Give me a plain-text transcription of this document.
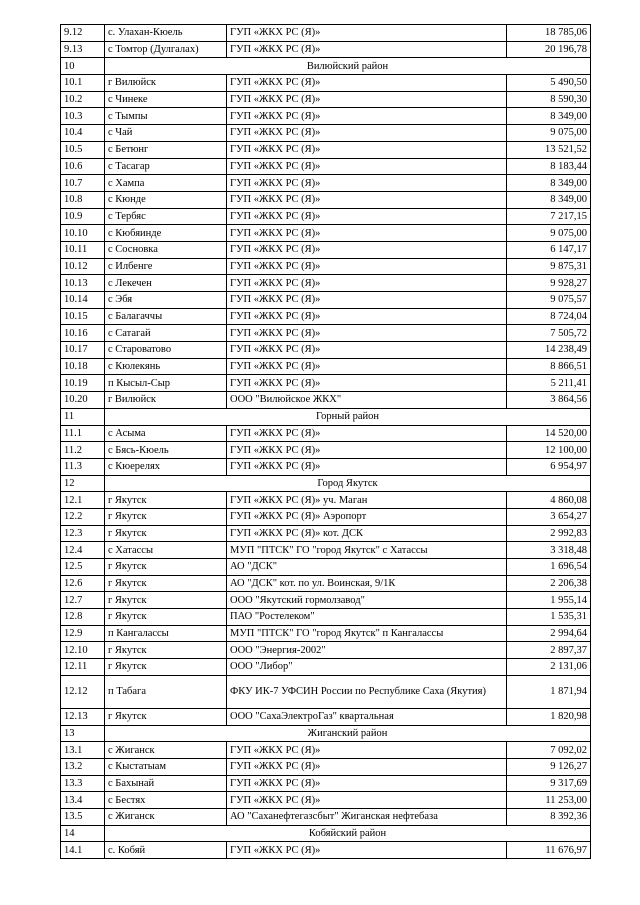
9.12	с. Улахан-Кюель	ГУП «ЖКХ РС (Я)»	18 785,06
9.13	с Томтор (Дулгалах)	ГУП «ЖКХ РС (Я)»	20 196,78
10	Вилюйский район		
10.1	г Вилюйск	ГУП «ЖКХ РС (Я)»	5 490,50
10.2	с Чинеке	ГУП «ЖКХ РС (Я)»	8 590,30
10.3	с Тымпы	ГУП «ЖКХ РС (Я)»	8 349,00
10.4	с Чай	ГУП «ЖКХ РС (Я)»	9 075,00
10.5	с Бетюнг	ГУП «ЖКХ РС (Я)»	13 521,52
10.6	с Тасагар	ГУП «ЖКХ РС (Я)»	8 183,44
10.7	с Хампа	ГУП «ЖКХ РС (Я)»	8 349,00
10.8	с Кюнде	ГУП «ЖКХ РС (Я)»	8 349,00
10.9	с Тербяс	ГУП «ЖКХ РС (Я)»	7 217,15
10.10	с Кюбяинде	ГУП «ЖКХ РС (Я)»	9 075,00
10.11	с Сосновка	ГУП «ЖКХ РС (Я)»	6 147,17
10.12	с Илбенге	ГУП «ЖКХ РС (Я)»	9 875,31
10.13	с Лекечен	ГУП «ЖКХ РС (Я)»	9 928,27
10.14	с Эбя	ГУП «ЖКХ РС (Я)»	9 075,57
10.15	с Балагаччы	ГУП «ЖКХ РС (Я)»	8 724,04
10.16	с Сатагай	ГУП «ЖКХ РС (Я)»	7 505,72
10.17	с Староватово	ГУП «ЖКХ РС (Я)»	14 238,49
10.18	с Кюлекянь	ГУП «ЖКХ РС (Я)»	8 866,51
10.19	п Кысыл-Сыр	ГУП «ЖКХ РС (Я)»	5 211,41
10.20	г Вилюйск	ООО "Вилюйское ЖКХ"	3 864,56
11	Горный район		
11.1	с Асыма	ГУП «ЖКХ РС (Я)»	14 520,00
11.2	с Бясь-Кюель	ГУП «ЖКХ РС (Я)»	12 100,00
11.3	с Кюерелях	ГУП «ЖКХ РС (Я)»	6 954,97
12	Город Якутск		
12.1	г Якутск	ГУП «ЖКХ РС (Я)» уч. Маган	4 860,08
12.2	г Якутск	ГУП «ЖКХ РС (Я)» Аэропорт	3 654,27
12.3	г Якутск	ГУП «ЖКХ РС (Я)» кот. ДСК	2 992,83
12.4	с Хатассы	МУП "ПТСК" ГО "город Якутск" с Хатассы	3 318,48
12.5	г Якутск	АО "ДСК"	1 696,54
12.6	г Якутск	АО "ДСК" кот. по ул. Воинская, 9/1К	2 206,38
12.7	г Якутск	ООО "Якутский гормолзавод"	1 955,14
12.8	г Якутск	ПАО "Ростелеком"	1 535,31
12.9	п Кангаласcы	МУП "ПТСК" ГО "город Якутск" п Кангаласcы	2 994,64
12.10	г Якутск	ООО "Энергия-2002"	2 897,37
12.11	г Якутск	ООО "Либор"	2 131,06
12.12	п Табага	ФКУ ИК-7 УФСИН России по Республике Саха (Якутия)	1 871,94
12.13	г Якутск	ООО "СахаЭлектроГаз" квартальная	1 820,98
13	Жиганский район		
13.1	с Жиганск	ГУП «ЖКХ РС (Я)»	7 092,02
13.2	с Кыстатыам	ГУП «ЖКХ РС (Я)»	9 126,27
13.3	с Бахынай	ГУП «ЖКХ РС (Я)»	9 317,69
13.4	с Бестях	ГУП «ЖКХ РС (Я)»	11 253,00
13.5	с Жиганск	АО "Саханефтегазсбыт" Жиганская нефтебаза	8 392,36
14	Кобяйский район		
14.1	с. Кобяй	ГУП «ЖКХ РС (Я)»	11 676,97
